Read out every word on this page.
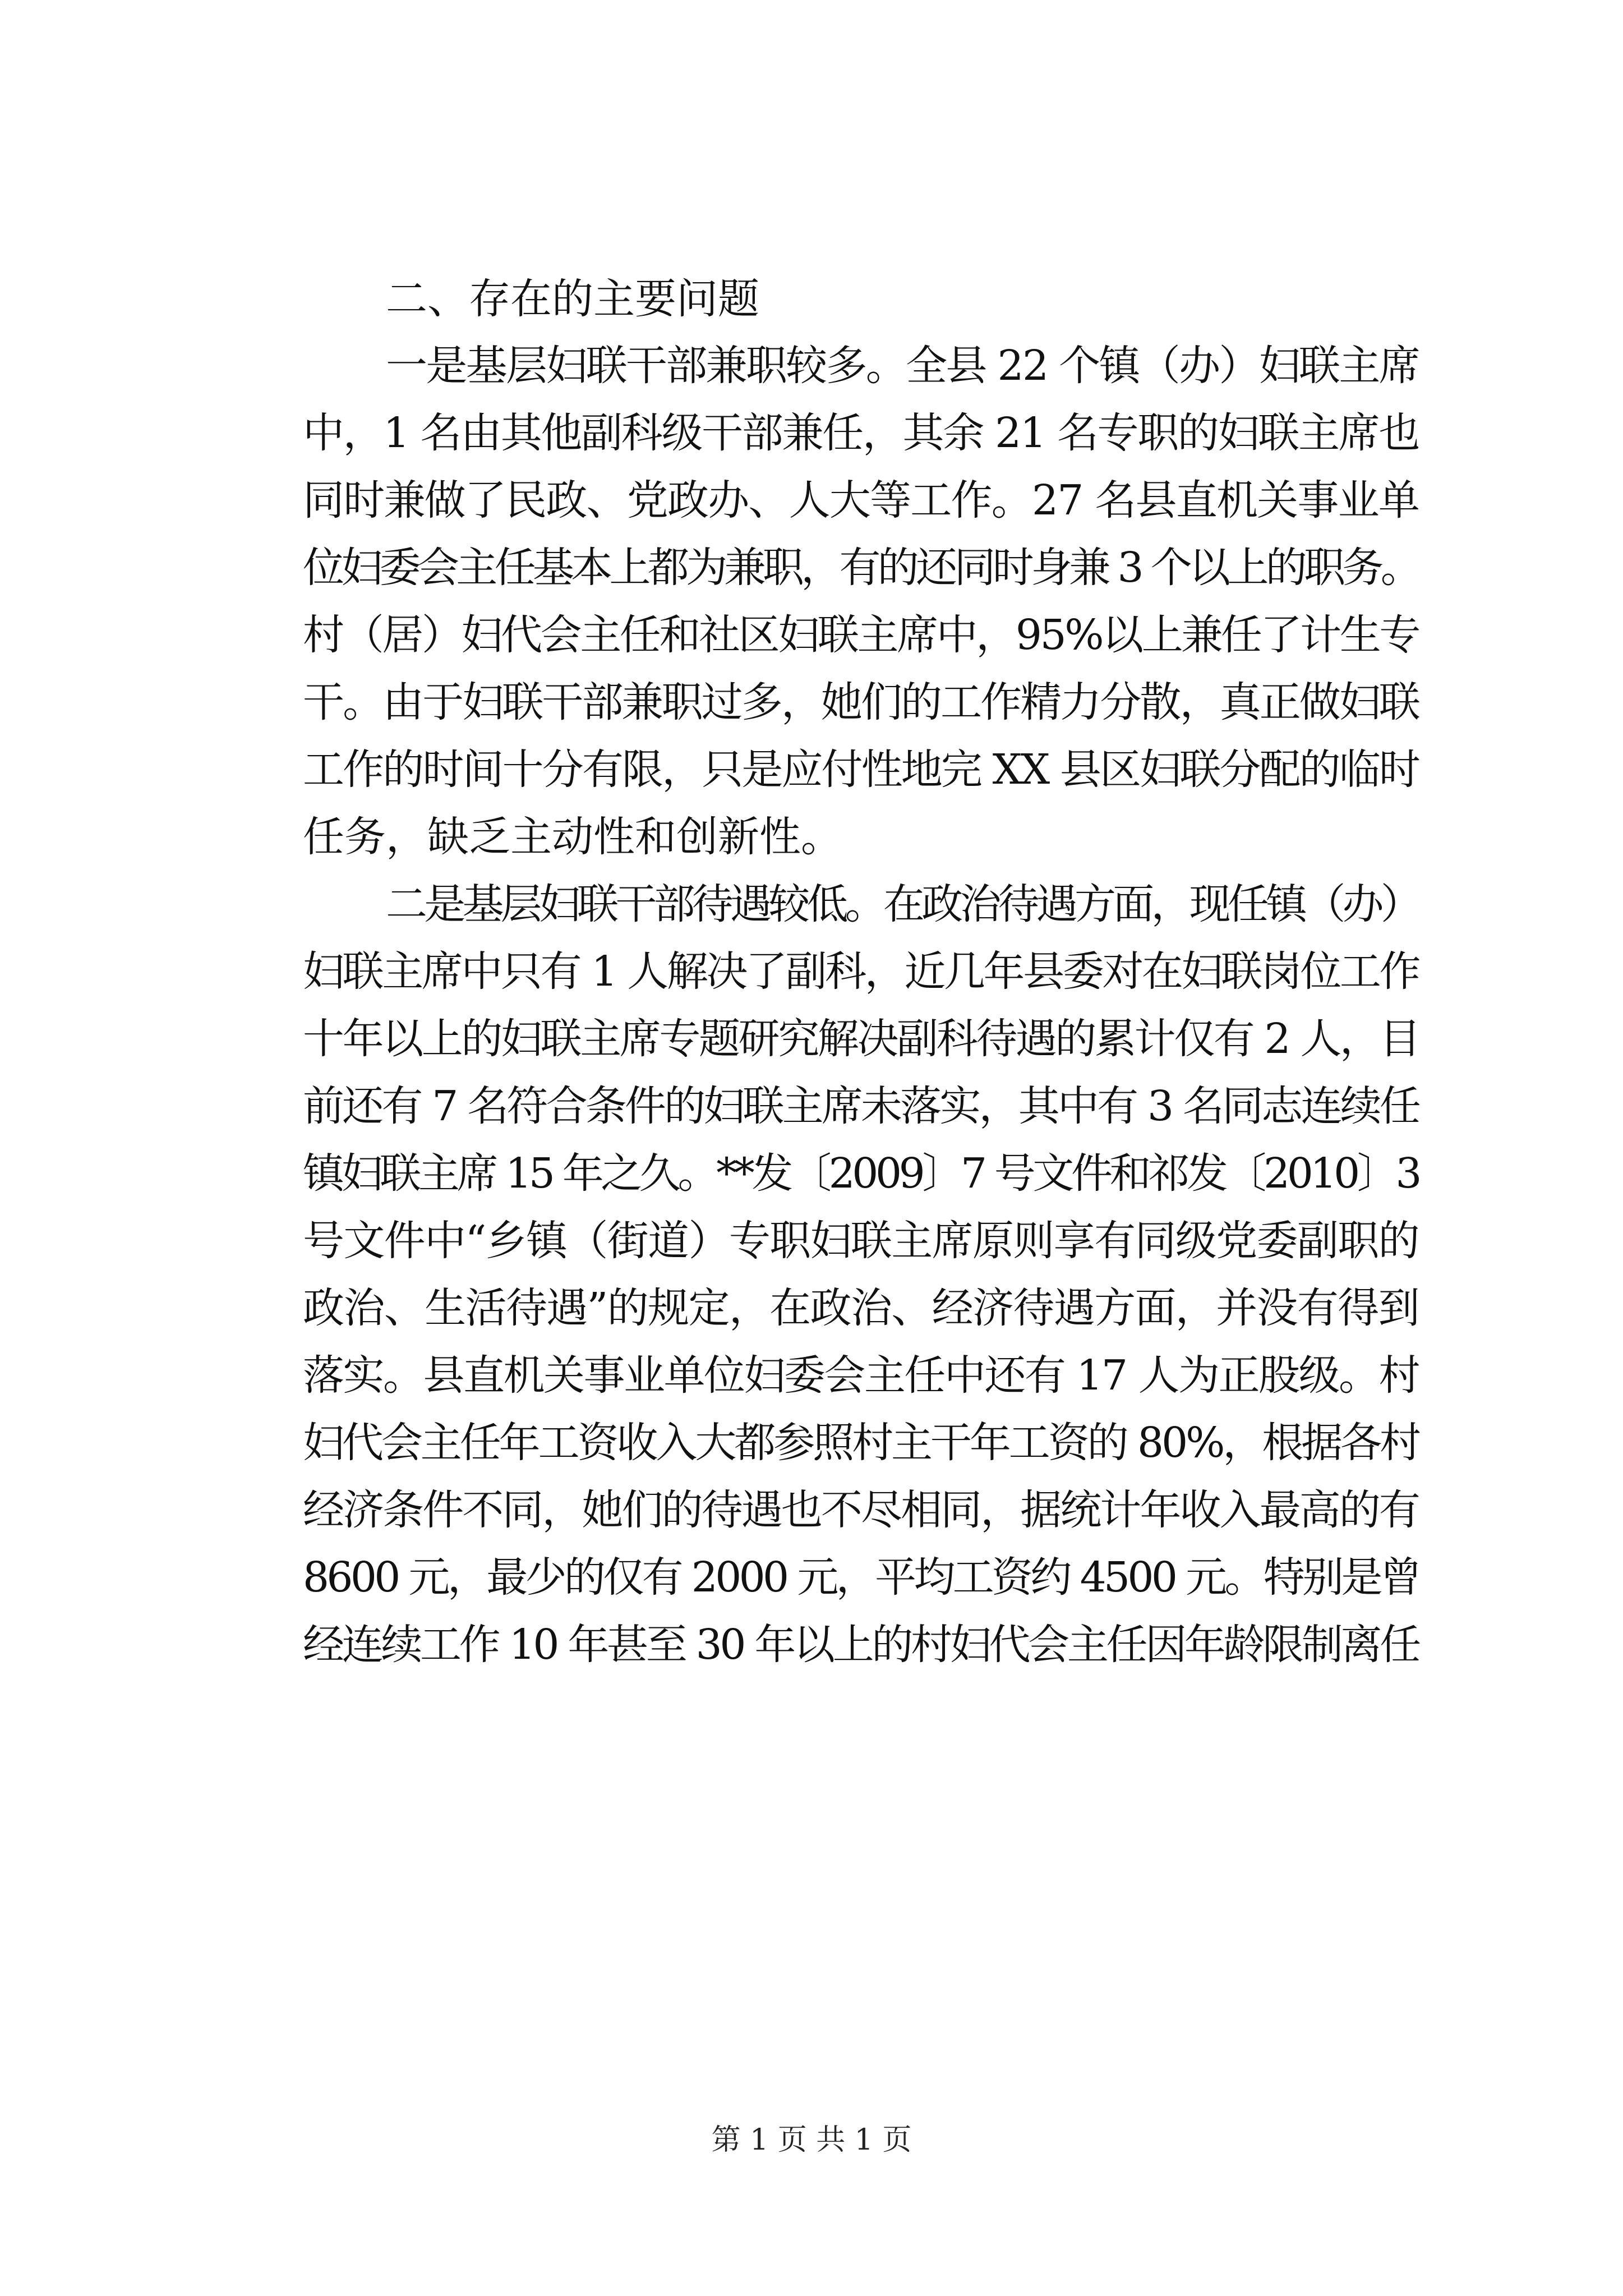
二、存在的主要问题
一是基层妇联干部兼职较多。全县 22 个镇（办）妇联主席
中，1 名由其他副科级干部兼任，其余 21 名专职的妇联主席也
同时兼做了民政、党政办、人大等工作。27 名县直机关事业单
位妇委会主任基本上都为兼职，有的还同时身兼 3 个以上的职务。
村（居）妇代会主任和社区妇联主席中，95%以上兼任了计生专
干。由于妇联干部兼职过多，她们的工作精力分散，真正做妇联
工作的时间十分有限，只是应付性地完 XX 县区妇联分配的临时
任务，缺乏主动性和创新性。
二是基层妇联干部待遇较低。在政治待遇方面，现任镇（办）
妇联主席中只有 1 人解决了副科，近几年县委对在妇联岗位工作
十年以上的妇联主席专题研究解决副科待遇的累计仅有 2 人，目
前还有 7 名符合条件的妇联主席未落实，其中有 3 名同志连续任
镇妇联主席 15 年之久。**发〔2009〕7 号文件和祁发〔2010〕3
号文件中“乡镇（街道）专职妇联主席原则享有同级党委副职的
政治、生活待遇”的规定，在政治、经济待遇方面，并没有得到
落实。县直机关事业单位妇委会主任中还有 17 人为正股级。村
妇代会主任年工资收入大都参照村主干年工资的 80%，根据各村
经济条件不同，她们的待遇也不尽相同，据统计年收入最高的有
8600 元，最少的仅有 2000 元，平均工资约 4500 元。特别是曾
经连续工作 10 年甚至 30 年以上的村妇代会主任因年龄限制离任
第 1 页 共 1 页
